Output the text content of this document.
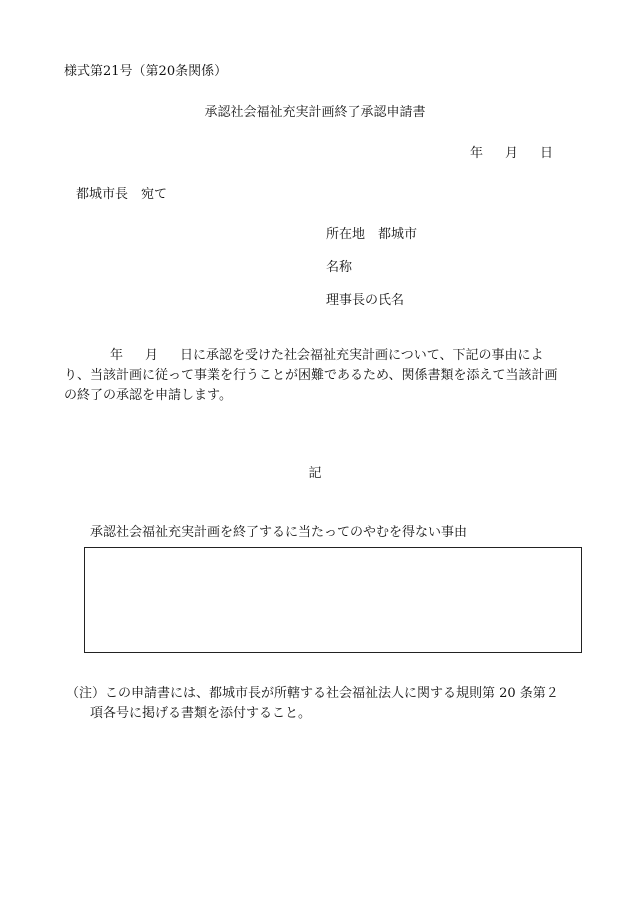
様式第21号（第20条関係）
承認社会福祉充実計画終了承認申請書
年 月 日
都城市長　宛て
所在地 都城市
名称
理事長の氏名
年 月 日に承認を受けた社会福祉充実計画について、下記の事由によ
り、当該計画に従って事業を行うことが困難であるため、関係書類を添えて当該計画
の終了の承認を申請します。
記
承認社会福祉充実計画を終了するに当たってのやむを得ない事由
（注）この申請書には、都城市長が所轄する社会福祉法人に関する規則第 20 条第２
項各号に掲げる書類を添付すること。
